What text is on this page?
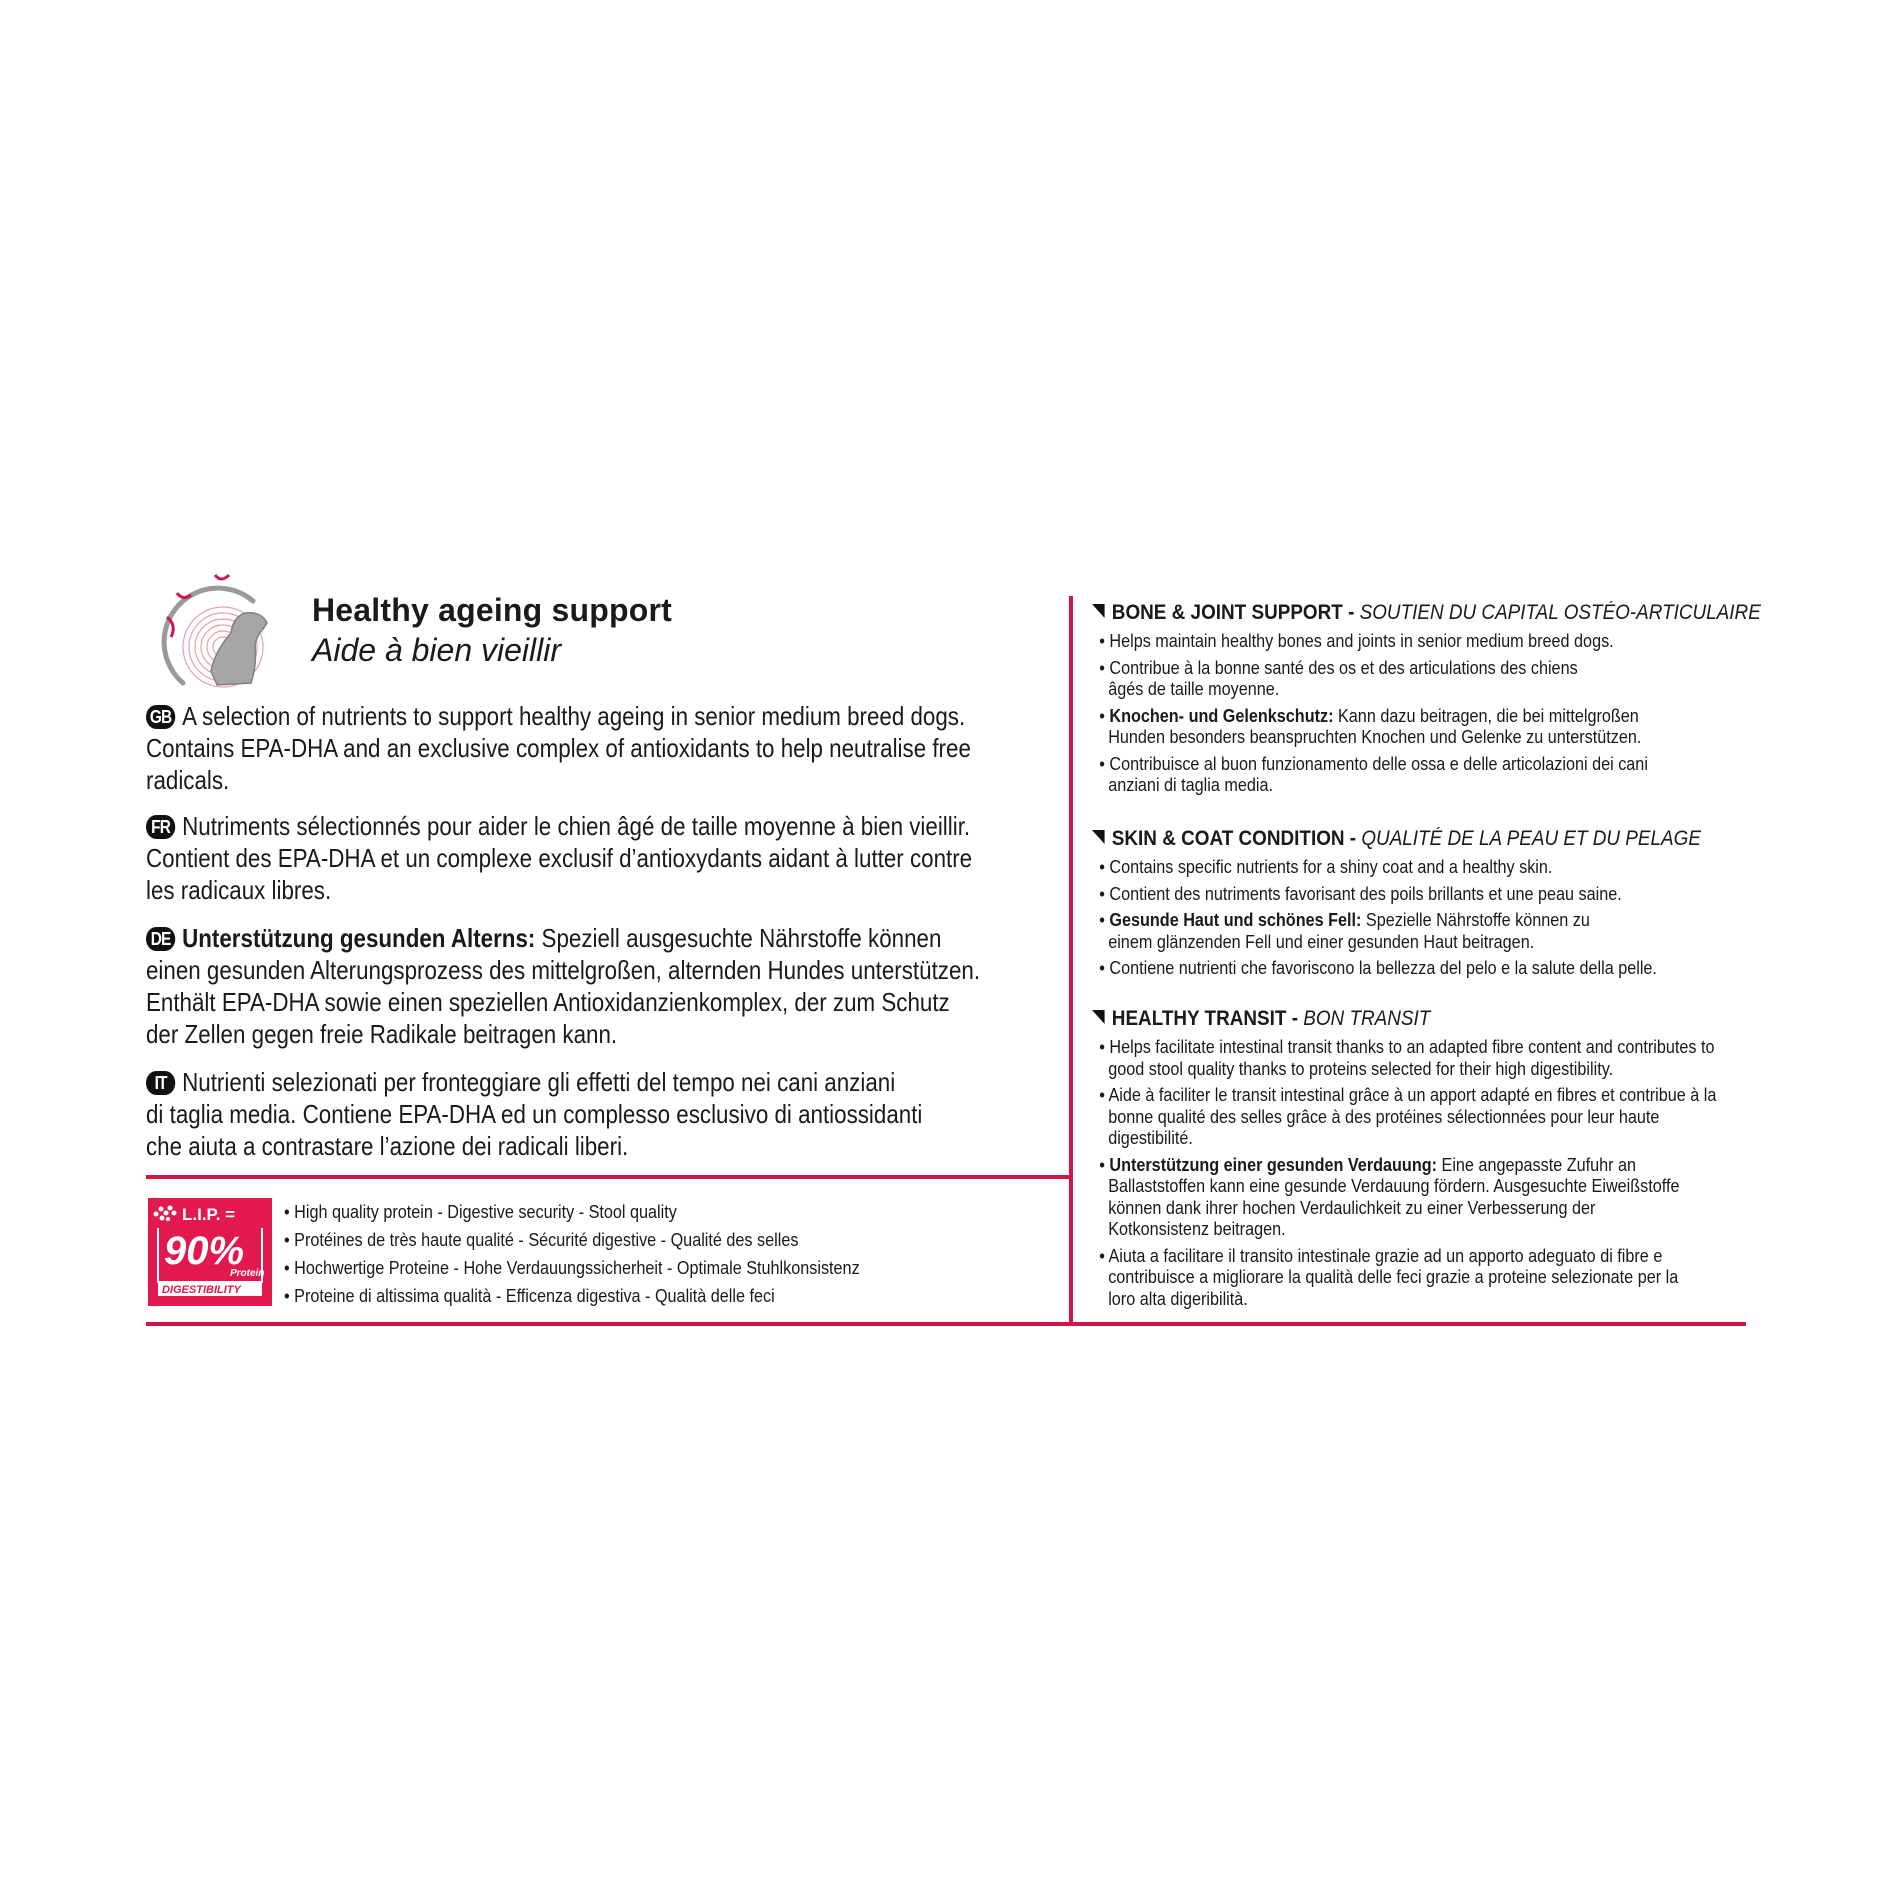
Healthy ageing support
Aide à bien vieillir
GB A selection of nutrients to support healthy ageing in senior medium breed dogs.
Contains EPA-DHA and an exclusive complex of antioxidants to help neutralise free
radicals.
FR Nutriments sélectionnés pour aider le chien âgé de taille moyenne à bien vieillir.
Contient des EPA-DHA et un complexe exclusif d’antioxydants aidant à lutter contre
les radicaux libres.
DE Unterstützung gesunden Alterns: Speziell ausgesuchte Nährstoffe können
einen gesunden Alterungsprozess des mittelgroßen, alternden Hundes unterstützen.
Enthält EPA-DHA sowie einen speziellen Antioxidanzienkomplex, der zum Schutz
der Zellen gegen freie Radikale beitragen kann.
IT Nutrienti selezionati per fronteggiare gli effetti del tempo nei cani anziani
di taglia media. Contiene EPA-DHA ed un complesso esclusivo di antiossidanti
che aiuta a contrastare l’azione dei radicali liberi.
L.I.P. =
90%
Protein
DIGESTIBILITY
• High quality protein - Digestive security - Stool quality
• Protéines de très haute qualité - Sécurité digestive - Qualité des selles
• Hochwertige Proteine - Hohe Verdauungssicherheit - Optimale Stuhlkonsistenz
• Proteine di altissima qualità - Efficenza digestiva - Qualità delle feci
BONE & JOINT SUPPORT - SOUTIEN DU CAPITAL OSTÉO-ARTICULAIRE
• Helps maintain healthy bones and joints in senior medium breed dogs.
• Contribue à la bonne santé des os et des articulations des chiens âgés de taille moyenne.
• Knochen- und Gelenkschutz: Kann dazu beitragen, die bei mittelgroßen Hunden besonders beanspruchten Knochen und Gelenke zu unterstützen.
• Contribuisce al buon funzionamento delle ossa e delle articolazioni dei cani anziani di taglia media.
SKIN & COAT CONDITION - QUALITÉ DE LA PEAU ET DU PELAGE
• Contains specific nutrients for a shiny coat and a healthy skin.
• Contient des nutriments favorisant des poils brillants et une peau saine.
• Gesunde Haut und schönes Fell: Spezielle Nährstoffe können zu einem glänzenden Fell und einer gesunden Haut beitragen.
• Contiene nutrienti che favoriscono la bellezza del pelo e la salute della pelle.
HEALTHY TRANSIT - BON TRANSIT
• Helps facilitate intestinal transit thanks to an adapted fibre content and contributes to good stool quality thanks to proteins selected for their high digestibility.
• Aide à faciliter le transit intestinal grâce à un apport adapté en fibres et contribue à la bonne qualité des selles grâce à des protéines sélectionnées pour leur haute digestibilité.
• Unterstützung einer gesunden Verdauung: Eine angepasste Zufuhr an Ballaststoffen kann eine gesunde Verdauung fördern. Ausgesuchte Eiweißstoffe können dank ihrer hochen Verdaulichkeit zu einer Verbesserung der Kotkonsistenz beitragen.
• Aiuta a facilitare il transito intestinale grazie ad un apporto adeguato di fibre e contribuisce a migliorare la qualità delle feci grazie a proteine selezionate per la loro alta digeribilità.
